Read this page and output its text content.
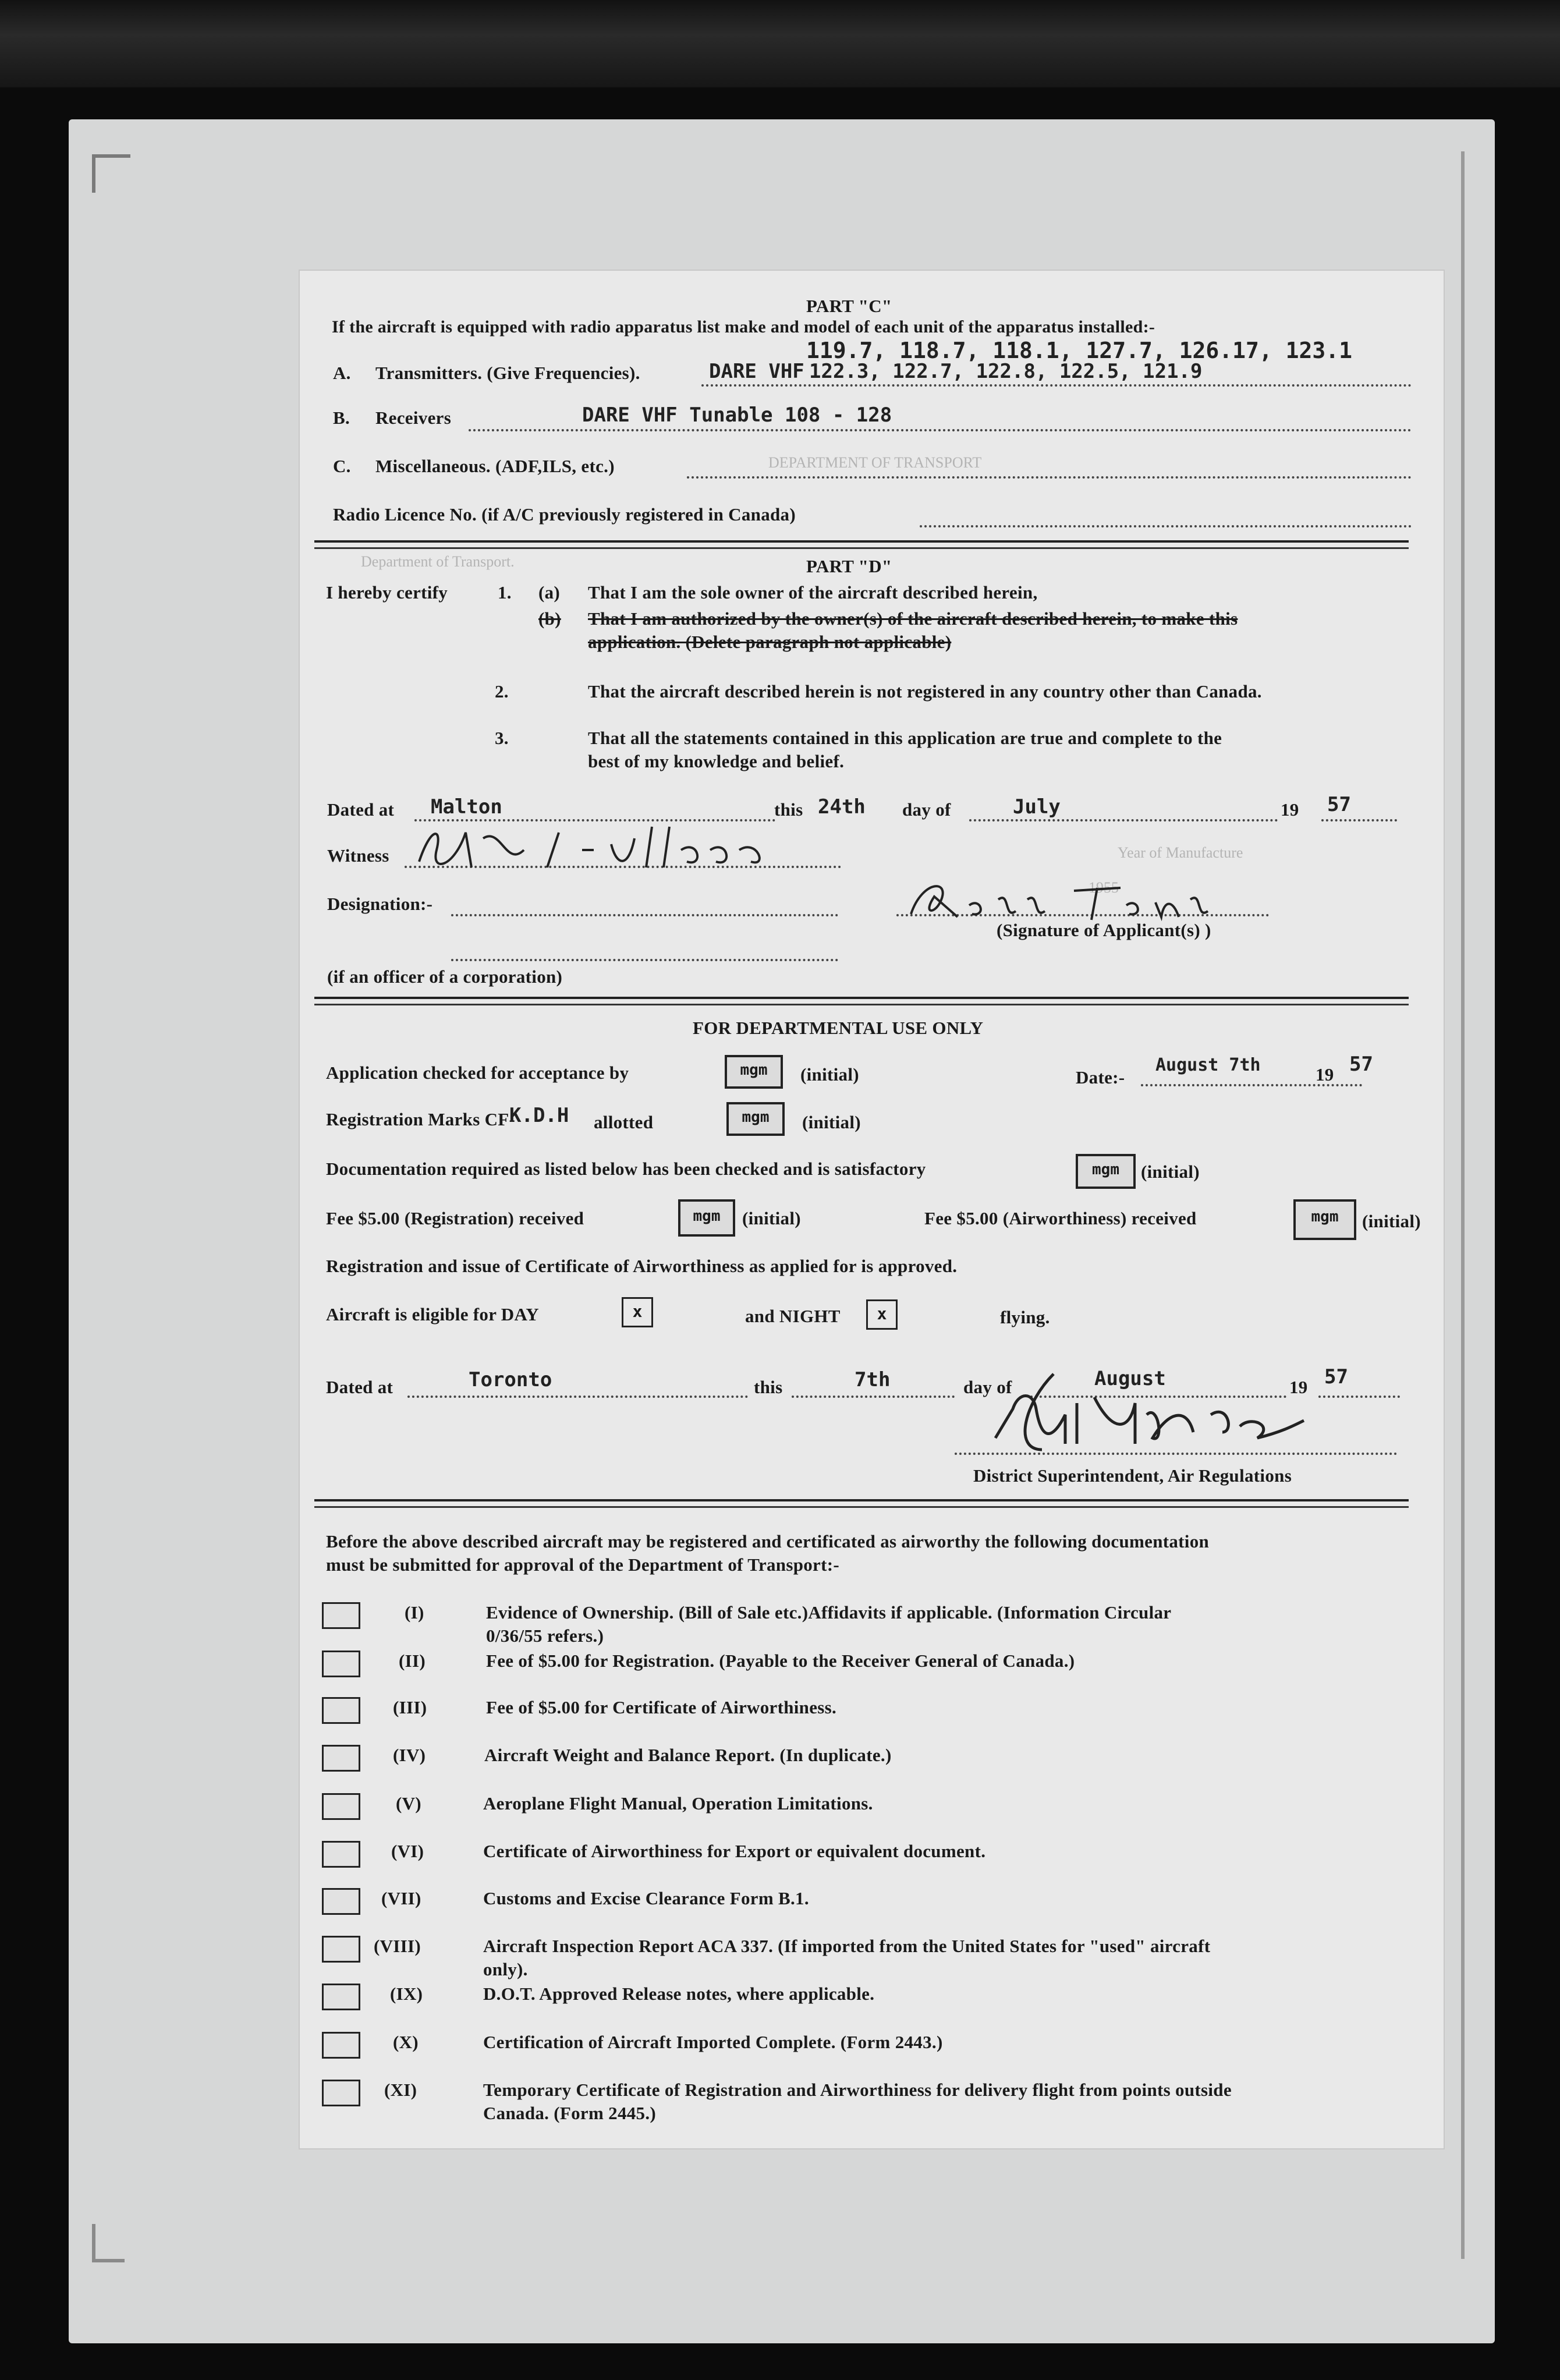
PART "C"
If the aircraft is equipped with radio apparatus list make and model of each unit of the apparatus installed:-
119.7, 118.7, 118.1, 127.7, 126.17, 123.1
A. Transmitters. (Give Frequencies).	DARE VHF 122.3, 122.7, 122.8, 122.5, 121.9
B. Receivers	DARE VHF Tunable 108 - 128
C. Miscellaneous. (ADF,ILS, etc.)
Radio Licence No. (if A/C previously registered in Canada)
DEPARTMENT OF TRANSPORT
Department of Transport.
Year of Manufacture
1955
PART "D"
I hereby certify	1. (a) That I am the sole owner of the aircraft described herein,
(b) That I am authorized by the owner(s) of the aircraft described herein, to make this
application. (Delete paragraph not applicable)
2.	That the aircraft described herein is not registered in any country other than Canada.
3.	That all the statements contained in this application are true and complete to the
best of my knowledge and belief.
Dated at Malton	this 24th day of	July	19 57
Witness
Designation:-
(Signature of Applicant(s) )
(if an officer of a corporation)
FOR DEPARTMENTAL USE ONLY
Application checked for acceptance by	mgm	(initial)	Date:-
August 7th	19 57
Registration Marks CF-
K.D.H allotted	mgm	(initial)
Documentation required as listed below has been checked and is satisfactory	mgm	(initial)
Fee $5.00 (Registration) received	mgm	(initial)	Fee $5.00 (Airworthiness) received	mgm	(initial)
Registration and issue of Certificate of Airworthiness as applied for is approved.
Aircraft is eligible for DAY	x	and NIGHT	x	flying.
Dated at	Toronto	this	7th	day of	August	19 57
District Superintendent, Air Regulations
Before the above described aircraft may be registered and certificated as airworthy the following documentation
must be submitted for approval of the Department of Transport:-
(I)	Evidence of Ownership. (Bill of Sale etc.)Affidavits if applicable. (Information Circular
0/36/55 refers.)
(II)	Fee of $5.00 for Registration. (Payable to the Receiver General of Canada.)
(III)	Fee of $5.00 for Certificate of Airworthiness.
(IV)	Aircraft Weight and Balance Report. (In duplicate.)
(V)	Aeroplane Flight Manual, Operation Limitations.
(VI)	Certificate of Airworthiness for Export or equivalent document.
(VII)	Customs and Excise Clearance Form B.1.
(VIII)	Aircraft Inspection Report ACA 337. (If imported from the United States for "used" aircraft
only).
(IX)	D.O.T. Approved Release notes, where applicable.
(X)	Certification of Aircraft Imported Complete. (Form 2443.)
(XI)	Temporary Certificate of Registration and Airworthiness for delivery flight from points outside
Canada. (Form 2445.)
